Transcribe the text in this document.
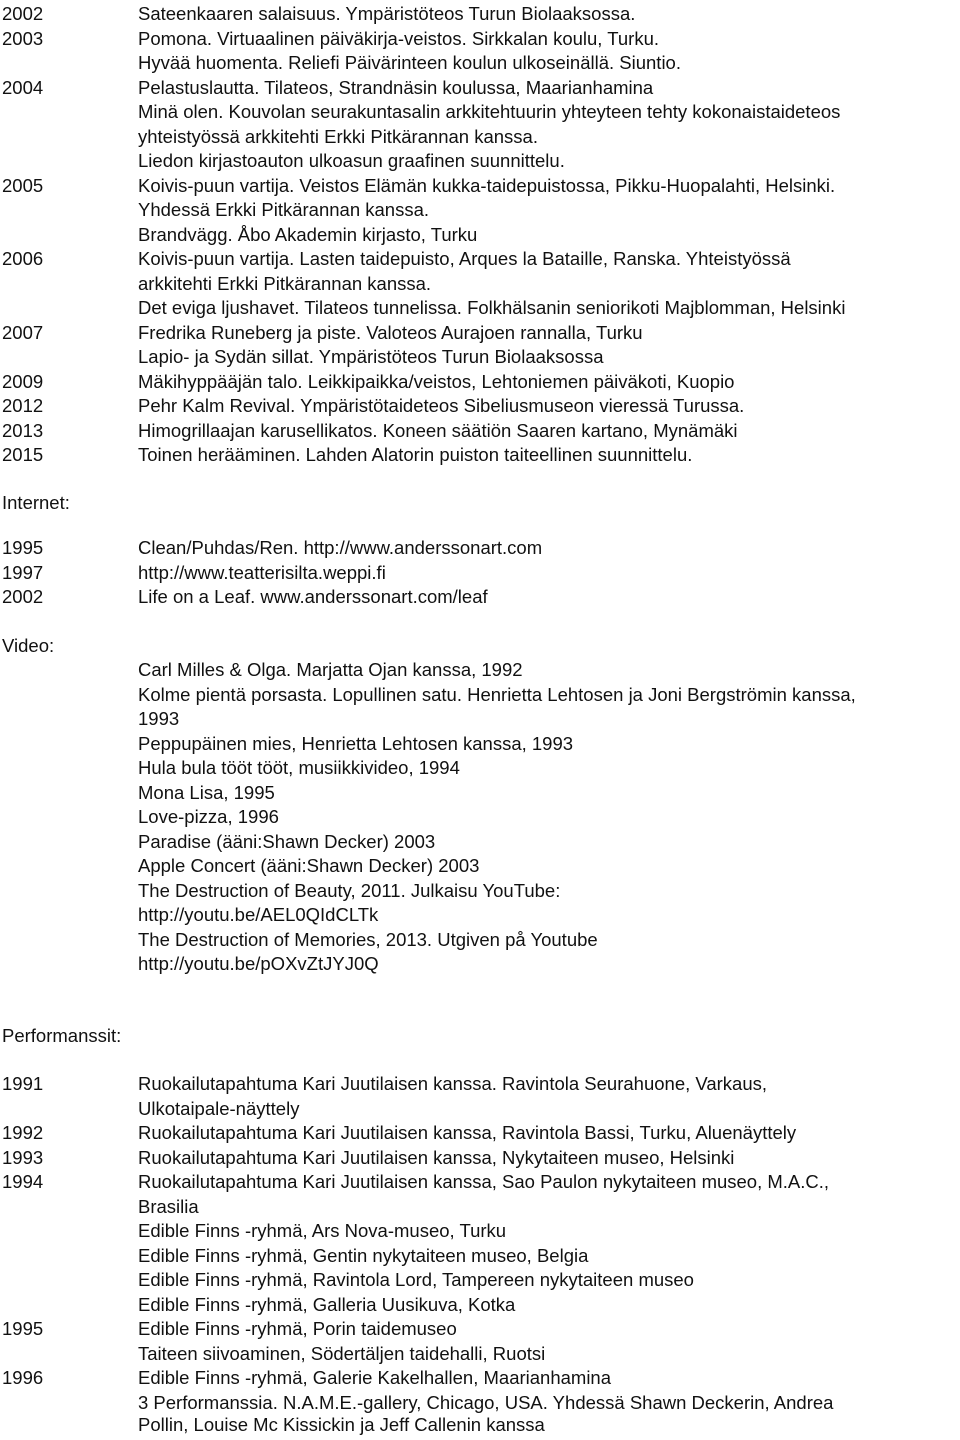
2002	Sateenkaaren salaisuus. Ympäristöteos Turun Biolaaksossa.
2003	Pomona. Virtuaalinen päiväkirja-veistos. Sirkkalan koulu, Turku.
Hyvää huomenta. Reliefi Päivärinteen koulun ulkoseinällä. Siuntio.
2004	Pelastuslautta. Tilateos, Strandnäsin koulussa, Maarianhamina
Minä olen. Kouvolan seurakuntasalin arkkitehtuurin yhteyteen tehty kokonaistaideteos
yhteistyössä arkkitehti Erkki Pitkärannan kanssa.
Liedon kirjastoauton ulkoasun graafinen suunnittelu.
2005	Koivis-puun vartija. Veistos Elämän kukka-taidepuistossa, Pikku-Huopalahti, Helsinki.
Yhdessä Erkki Pitkärannan kanssa.
Brandvägg. Åbo Akademin kirjasto, Turku
2006	Koivis-puun vartija. Lasten taidepuisto, Arques la Bataille, Ranska. Yhteistyössä
arkkitehti Erkki Pitkärannan kanssa.
Det eviga ljushavet. Tilateos tunnelissa. Folkhälsanin seniorikoti Majblomman, Helsinki
2007	Fredrika Runeberg ja piste. Valoteos Aurajoen rannalla, Turku
Lapio- ja Sydän sillat. Ympäristöteos Turun Biolaaksossa
2009	Mäkihyppääjän talo. Leikkipaikka/veistos, Lehtoniemen päiväkoti, Kuopio
2012	Pehr Kalm Revival. Ympäristötaideteos Sibeliusmuseon vieressä Turussa.
2013	Himogrillaajan karusellikatos. Koneen säätiön Saaren kartano, Mynämäki
2015	Toinen herääminen. Lahden Alatorin puiston taiteellinen suunnittelu.
Internet:
1995	Clean/Puhdas/Ren. http://www.anderssonart.com
1997	http://www.teatterisilta.weppi.fi
2002	Life on a Leaf. www.anderssonart.com/leaf
Video:
Carl Milles & Olga. Marjatta Ojan kanssa, 1992
Kolme pientä porsasta. Lopullinen satu. Henrietta Lehtosen ja Joni Bergströmin kanssa,
1993
Peppupäinen mies, Henrietta Lehtosen kanssa, 1993
Hula bula tööt tööt, musiikkivideo, 1994
Mona Lisa, 1995
Love-pizza, 1996
Paradise (ääni:Shawn Decker) 2003
Apple Concert (ääni:Shawn Decker) 2003
The Destruction of Beauty, 2011. Julkaisu YouTube:
http://youtu.be/AEL0QIdCLTk
The Destruction of Memories, 2013. Utgiven på Youtube
http://youtu.be/pOXvZtJYJ0Q
Performanssit:
1991	Ruokailutapahtuma Kari Juutilaisen kanssa. Ravintola Seurahuone, Varkaus,
Ulkotaipale-näyttely
1992	Ruokailutapahtuma Kari Juutilaisen kanssa, Ravintola Bassi, Turku, Aluenäyttely
1993	Ruokailutapahtuma Kari Juutilaisen kanssa, Nykytaiteen museo, Helsinki
1994	Ruokailutapahtuma Kari Juutilaisen kanssa, Sao Paulon nykytaiteen museo, M.A.C.,
Brasilia
Edible Finns -ryhmä, Ars Nova-museo, Turku
Edible Finns -ryhmä, Gentin nykytaiteen museo, Belgia
Edible Finns -ryhmä, Ravintola Lord, Tampereen nykytaiteen museo
Edible Finns -ryhmä, Galleria Uusikuva, Kotka
1995	Edible Finns -ryhmä, Porin taidemuseo
Taiteen siivoaminen, Södertäljen taidehalli, Ruotsi
1996	Edible Finns -ryhmä, Galerie Kakelhallen, Maarianhamina
3 Performanssia. N.A.M.E.-gallery, Chicago, USA. Yhdessä Shawn Deckerin, Andrea
Pollin, Louise Mc Kissickin ja Jeff Callenin kanssa
